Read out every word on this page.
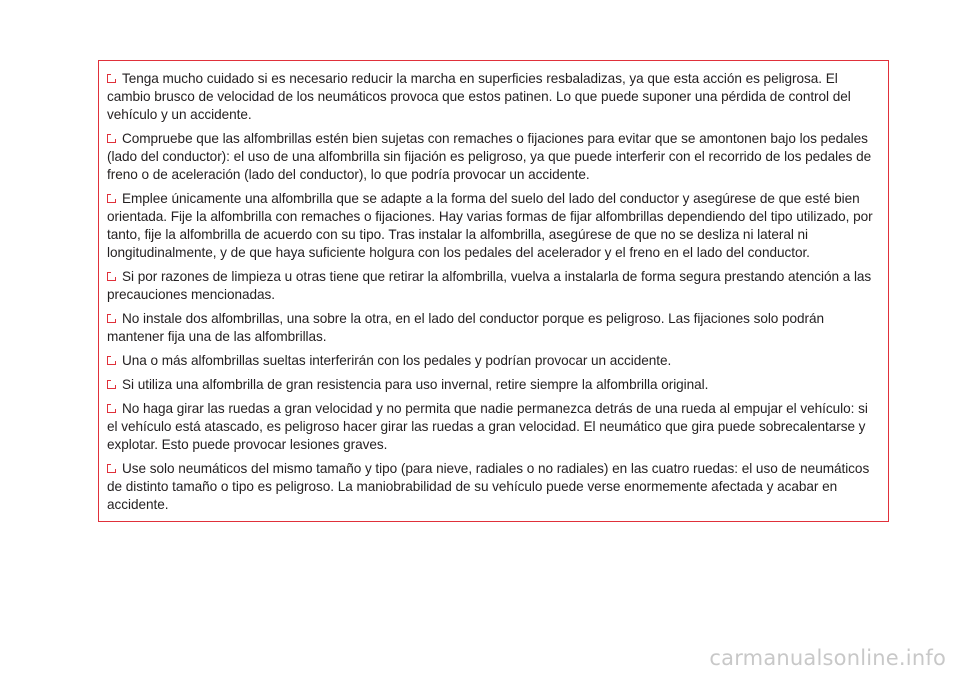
Tenga mucho cuidado si es necesario reducir la marcha en superficies resbaladizas, ya que esta acción es peligrosa. El cambio brusco de velocidad de los neumáticos provoca que estos patinen. Lo que puede suponer una pérdida de control del vehículo y un accidente.

Compruebe que las alfombrillas estén bien sujetas con remaches o fijaciones para evitar que se amontonen bajo los pedales (lado del conductor): el uso de una alfombrilla sin fijación es peligroso, ya que puede interferir con el recorrido de los pedales de freno o de aceleración (lado del conductor), lo que podría provocar un accidente.

Emplee únicamente una alfombrilla que se adapte a la forma del suelo del lado del conductor y asegúrese de que esté bien orientada. Fije la alfombrilla con remaches o fijaciones. Hay varias formas de fijar alfombrillas dependiendo del tipo utilizado, por tanto, fije la alfombrilla de acuerdo con su tipo. Tras instalar la alfombrilla, asegúrese de que no se desliza ni lateral ni longitudinalmente, y de que haya suficiente holgura con los pedales del acelerador y el freno en el lado del conductor.

Si por razones de limpieza u otras tiene que retirar la alfombrilla, vuelva a instalarla de forma segura prestando atención a las precauciones mencionadas.

No instale dos alfombrillas, una sobre la otra, en el lado del conductor porque es peligroso. Las fijaciones solo podrán mantener fija una de las alfombrillas.

Una o más alfombrillas sueltas interferirán con los pedales y podrían provocar un accidente.

Si utiliza una alfombrilla de gran resistencia para uso invernal, retire siempre la alfombrilla original.

No haga girar las ruedas a gran velocidad y no permita que nadie permanezca detrás de una rueda al empujar el vehículo: si el vehículo está atascado, es peligroso hacer girar las ruedas a gran velocidad. El neumático que gira puede sobrecalentarse y explotar. Esto puede provocar lesiones graves.

Use solo neumáticos del mismo tamaño y tipo (para nieve, radiales o no radiales) en las cuatro ruedas: el uso de neumáticos de distinto tamaño o tipo es peligroso. La maniobrabilidad de su vehículo puede verse enormemente afectada y acabar en accidente.

carmanualsonline.info
